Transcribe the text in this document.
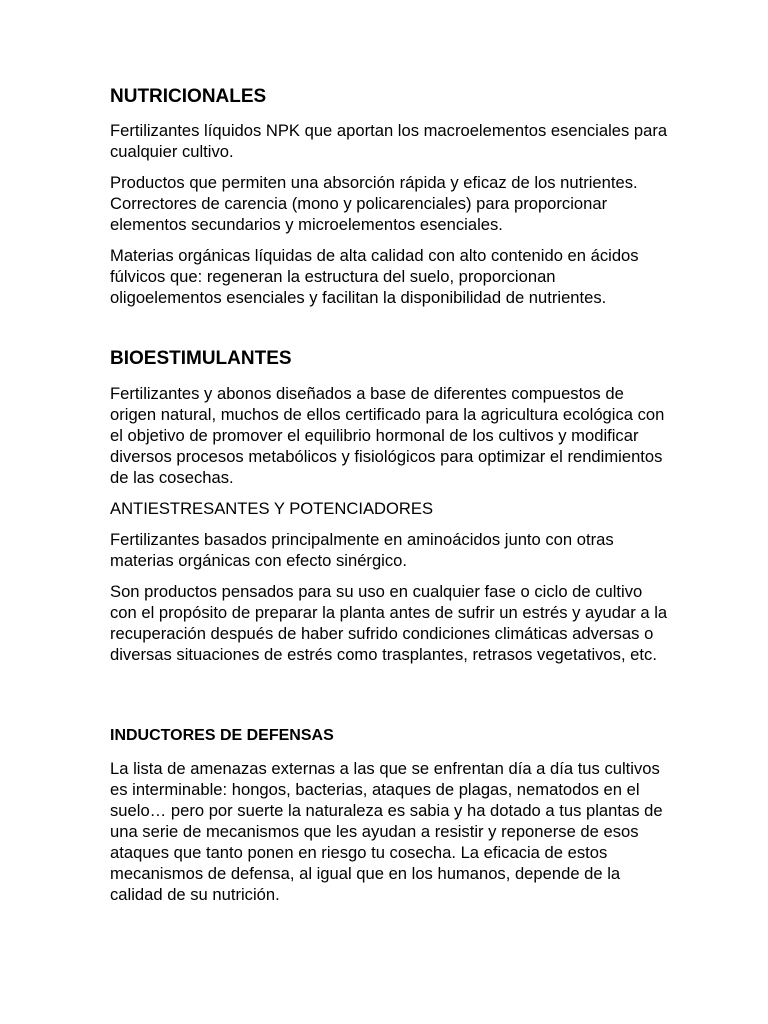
NUTRICIONALES

Fertilizantes líquidos NPK que aportan los macroelementos esenciales para cualquier cultivo.

Productos que permiten una absorción rápida y eficaz de los nutrientes. Correctores de carencia (mono y policarenciales) para proporcionar elementos secundarios y microelementos esenciales.

Materias orgánicas líquidas de alta calidad con alto contenido en ácidos fúlvicos que: regeneran la estructura del suelo, proporcionan oligoelementos esenciales y facilitan la disponibilidad de nutrientes.

BIOESTIMULANTES

Fertilizantes y abonos diseñados a base de diferentes compuestos de origen natural, muchos de ellos certificado para la agricultura ecológica con el objetivo de promover el equilibrio hormonal de los cultivos y modificar diversos procesos metabólicos y fisiológicos para optimizar el rendimientos de las cosechas.

ANTIESTRESANTES Y POTENCIADORES

Fertilizantes basados principalmente en aminoácidos junto con otras materias orgánicas con efecto sinérgico.

Son productos pensados para su uso en cualquier fase o ciclo de cultivo con el propósito de preparar la planta antes de sufrir un estrés y ayudar a la recuperación después de haber sufrido condiciones climáticas adversas o diversas situaciones de estrés como trasplantes, retrasos vegetativos, etc.

INDUCTORES DE DEFENSAS

La lista de amenazas externas a las que se enfrentan día a día tus cultivos es interminable: hongos, bacterias, ataques de plagas, nematodos en el suelo… pero por suerte la naturaleza es sabia y ha dotado a tus plantas de una serie de mecanismos que les ayudan a resistir y reponerse de esos ataques que tanto ponen en riesgo tu cosecha. La eficacia de estos mecanismos de defensa, al igual que en los humanos, depende de la calidad de su nutrición.
